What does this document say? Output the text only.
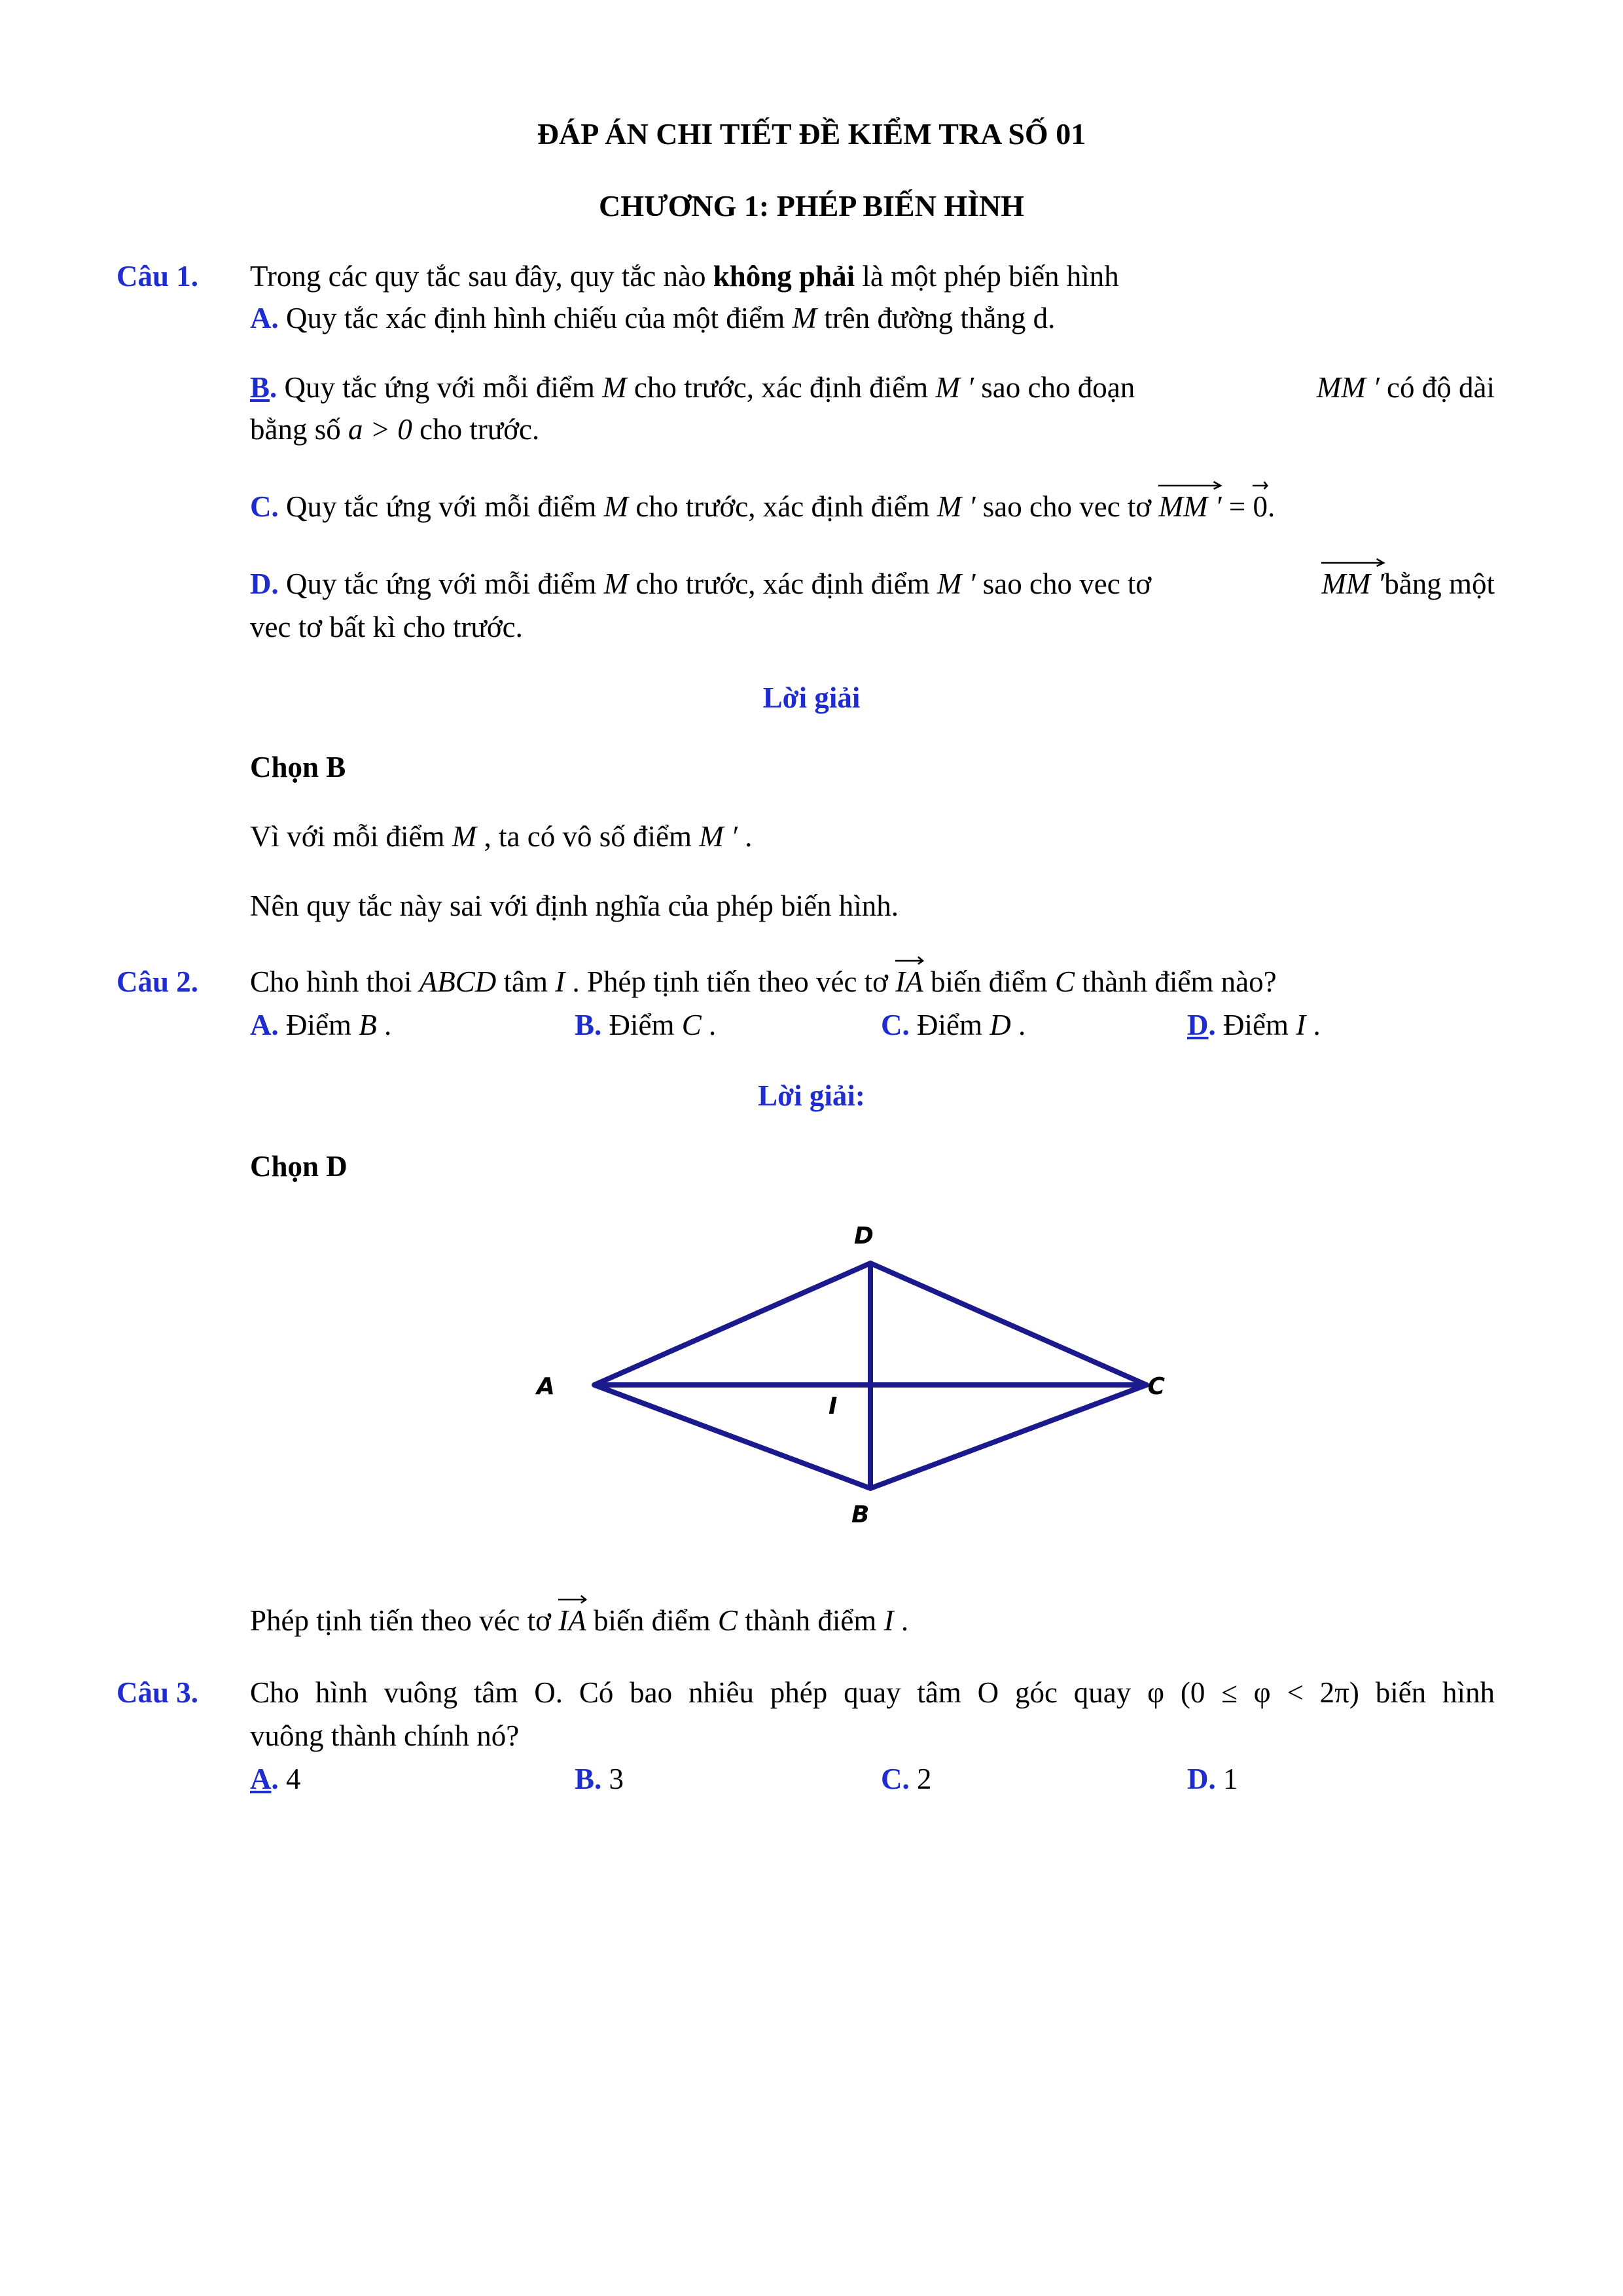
ĐÁP ÁN CHI TIẾT ĐỀ KIỂM TRA SỐ 01
CHƯƠNG 1: PHÉP BIẾN HÌNH
Câu 1. Trong các quy tắc sau đây, quy tắc nào không phải là một phép biến hình
A. Quy tắc xác định hình chiếu của một điểm M trên đường thẳng d.
B. Quy tắc ứng với mỗi điểm M cho trước, xác định điểm M ′ sao cho đoạn	MM ′ có độ dài
bằng số a > 0 cho trước.
C. Quy tắc ứng với mỗi điểm M cho trước, xác định điểm M ′ sao cho vec tơ
MM ′ =
0.
D. Quy tắc ứng với mỗi điểm M cho trước, xác định điểm M ′ sao cho vec tơ	MM ′bằng một
vec tơ bất kì cho trước.
Lời giải
Chọn B
Vì với mỗi điểm M , ta có vô số điểm M ′ .
Nên quy tắc này sai với định nghĩa của phép biến hình.
Câu 2. Cho hình thoi ABCD tâm I . Phép tịnh tiến theo véc tơ
IA biến điểm C thành điểm nào?
A. Điểm B .	B. Điểm C .	C. Điểm D .	D. Điểm I .
Lời giải:
Chọn D
D
A	C
I
B
Phép tịnh tiến theo véc tơ
IA biến điểm C thành điểm I .
Câu 3. Cho hình vuông tâm O. Có bao nhiêu phép quay tâm O góc quay φ (0 ≤ φ < 2π) biến hình
vuông thành chính nó?
A. 4	B. 3	C. 2	D. 1
